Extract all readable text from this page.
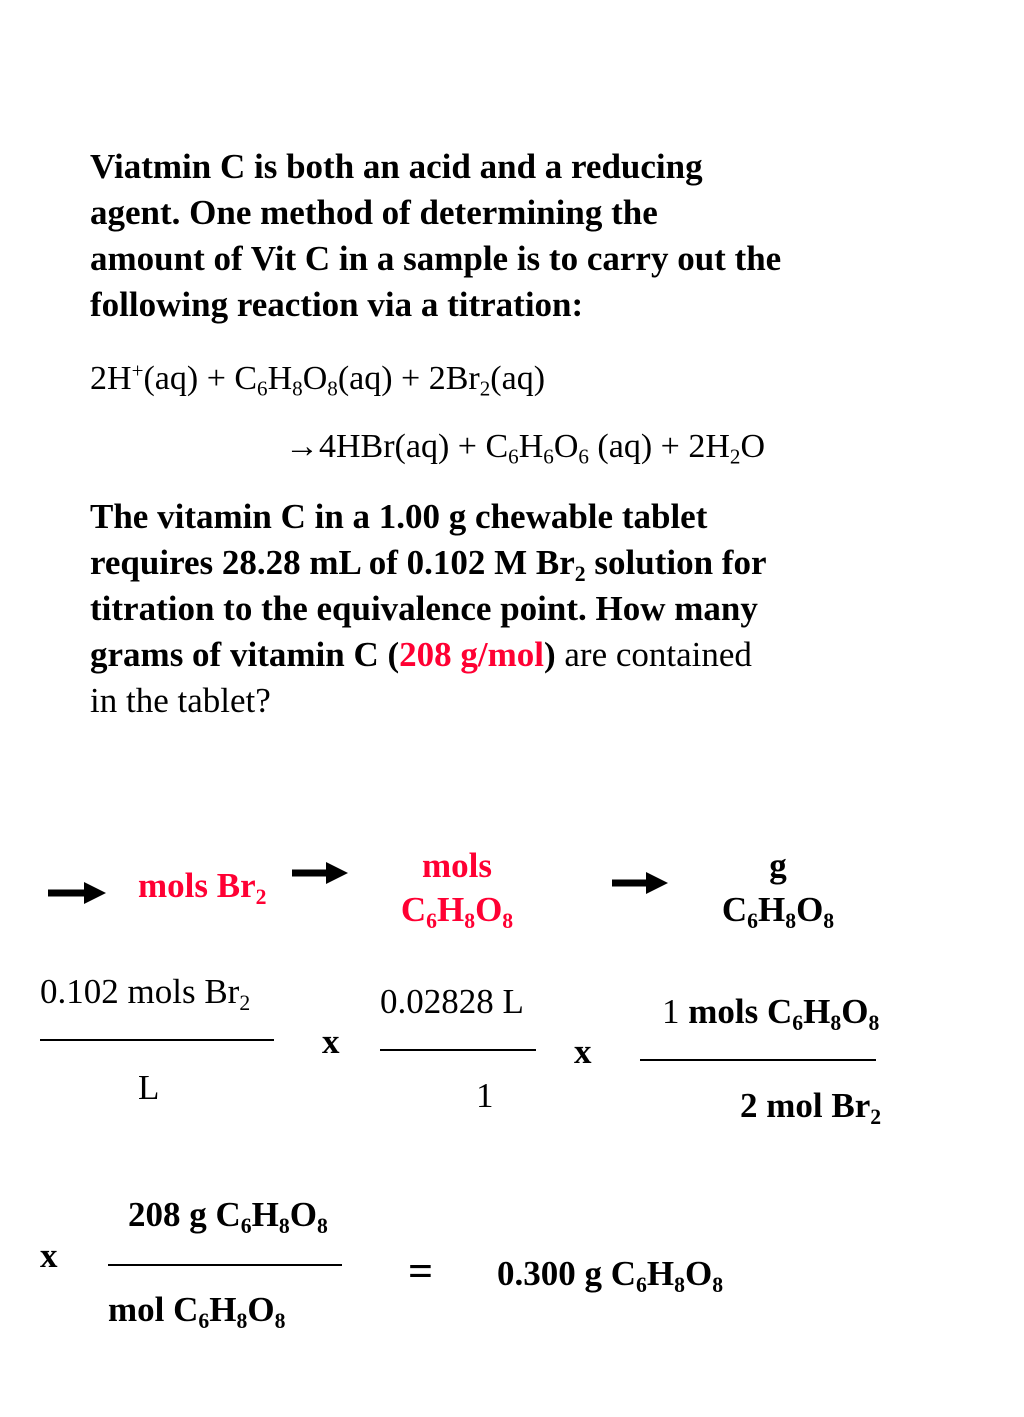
Viatmin C is both an acid and a reducing
agent. One method of determining the
amount of Vit C in a sample is to carry out the
following reaction via a titration:
$2H^+(aq) + C_6H_8O_8(aq) + 2Br_2(aq)$
$\to 4HBr(aq) + C_6H_6O_6$ $(aq) + 2H_2O$
The vitamin C in a 1.00 g chewable tablet
requires 28.28 mL of 0.102 M $Br_2$ solution for
titration to the equivalence point. How many
grams of vitamin C (208 g/mol) are contained
in the tablet?
mols $Br_2$
mols
$C_6H_8O_8$
g
$C_6H_8O_8$
0.102 mols $Br_2$
L
x
0.02828 L
1
x
1 mols $C_6H_8O_8$
2 mol $Br_2$
x
208 g $C_6H_8O_8$
mol $C_6H_8O_8$
= 0.300 g $C_6H_8O_8$
